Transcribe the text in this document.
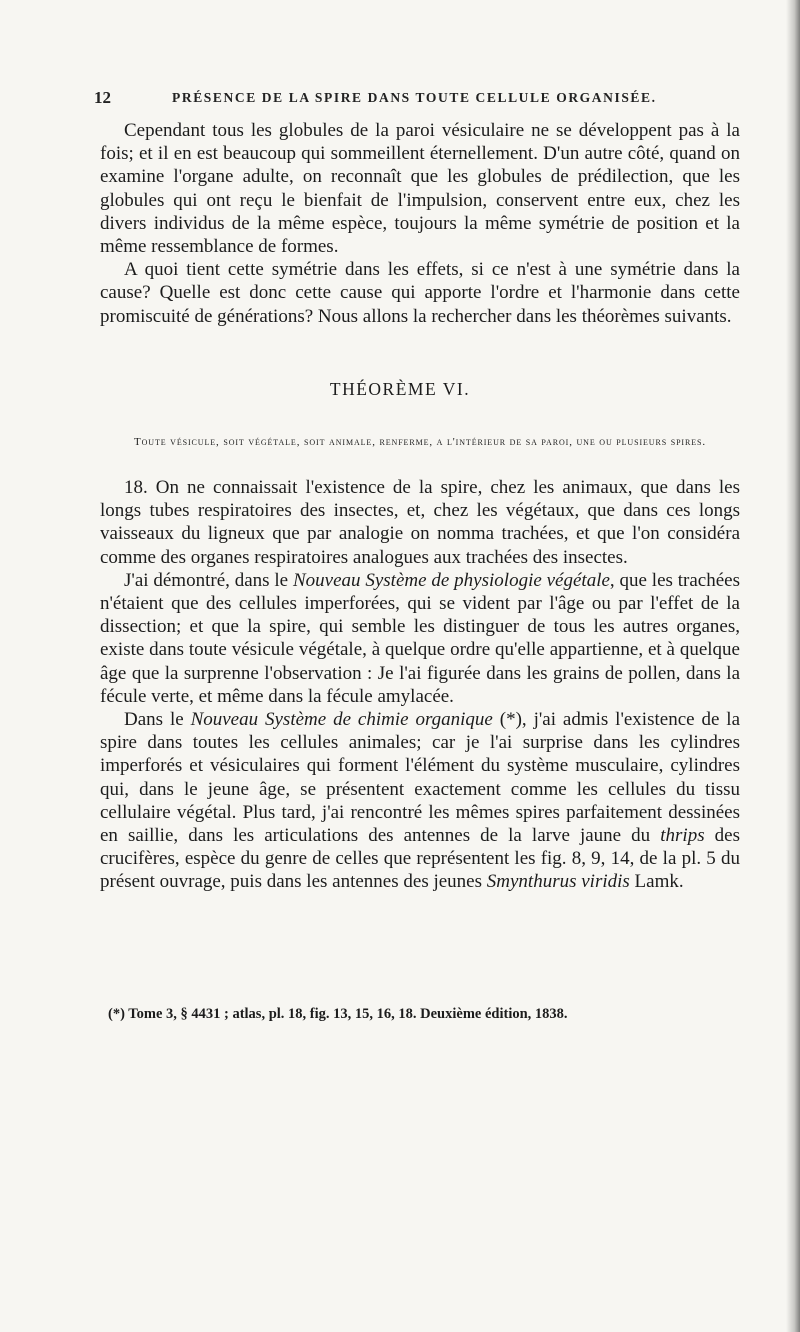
12	PRÉSENCE DE LA SPIRE DANS TOUTE CELLULE ORGANISÉE.

Cependant tous les globules de la paroi vésiculaire ne se développent pas à la fois; et il en est beaucoup qui sommeillent éternellement. D'un autre côté, quand on examine l'organe adulte, on reconnaît que les globules de prédilection, que les globules qui ont reçu le bienfait de l'impulsion, conservent entre eux, chez les divers individus de la même espèce, toujours la même symétrie de position et la même ressemblance de formes.

A quoi tient cette symétrie dans les effets, si ce n'est à une symétrie dans la cause? Quelle est donc cette cause qui apporte l'ordre et l'harmonie dans cette promiscuité de générations? Nous allons la rechercher dans les théorèmes suivants.

THÉORÈME VI.
Toute vésicule, soit végétale, soit animale, renferme, a l'intérieur de sa paroi, une ou plusieurs spires.

18. On ne connaissait l'existence de la spire, chez les animaux, que dans les longs tubes respiratoires des insectes, et, chez les végétaux, que dans ces longs vaisseaux du ligneux que par analogie on nomma trachées, et que l'on considéra comme des organes respiratoires analogues aux trachées des insectes.

J'ai démontré, dans le Nouveau Système de physiologie végétale, que les trachées n'étaient que des cellules imperforées, qui se vident par l'âge ou par l'effet de la dissection; et que la spire, qui semble les distinguer de tous les autres organes, existe dans toute vésicule végétale, à quelque ordre qu'elle appartienne, et à quelque âge que la surprenne l'observation : Je l'ai figurée dans les grains de pollen, dans la fécule verte, et même dans la fécule amylacée.

Dans le Nouveau Système de chimie organique (*), j'ai admis l'existence de la spire dans toutes les cellules animales; car je l'ai surprise dans les cylindres imperforés et vésiculaires qui forment l'élément du système musculaire, cylindres qui, dans le jeune âge, se présentent exactement comme les cellules du tissu cellulaire végétal. Plus tard, j'ai rencontré les mêmes spires parfaitement dessinées en saillie, dans les articulations des antennes de la larve jaune du thrips des crucifères, espèce du genre de celles que représentent les fig. 8, 9, 14, de la pl. 5 du présent ouvrage, puis dans les antennes des jeunes Smynthurus viridis Lamk.

(*) Tome 3, § 4431 ; atlas, pl. 18, fig. 13, 15, 16, 18. Deuxième édition, 1838.
